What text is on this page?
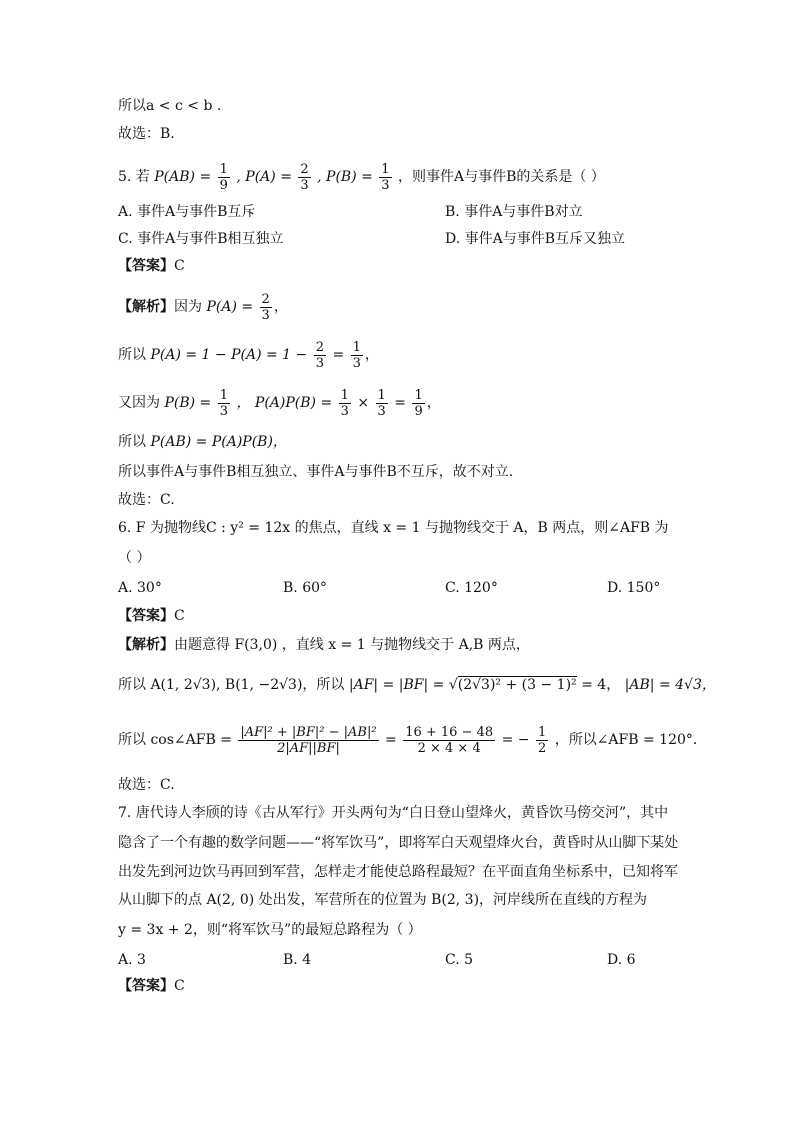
所以a < c < b .
故选：B.
5. 若 $P(AB) = \frac{1}{9}$ , $P(A) = \frac{2}{3}$ , $P(B) = \frac{1}{3}$ ，则事件A与事件B的关系是（ ）
A. 事件A与事件B互斥	B. 事件A与事件B对立
C. 事件A与事件B相互独立	D. 事件A与事件B互斥又独立
【答案】C
【解析】因为 $P(A) = \frac{2}{3}$ ，
所以 $P(A) = 1 - P(A) = 1 - \frac{2}{3} = \frac{1}{3}$ ，
又因为 $P(B) = \frac{1}{3}$ ， $P(A)P(B) = \frac{1}{3} \times \frac{1}{3} = \frac{1}{9}$ ，
所以 P(AB) = P(A)P(B)，
所以事件A与事件B相互独立、事件A与事件B不互斥，故不对立.
故选：C.
6. F 为抛物线C : y² = 12x 的焦点，直线 x = 1 与抛物线交于 A，B 两点，则∠AFB 为
（ ）
A. 30°	B. 60°	C. 120°	D. 150°
【答案】C
【解析】由题意得 F(3,0) ，直线 x = 1 与抛物线交于 A,B 两点，
所以 A(1, 2√3), B(1, −2√3)，所以 |AF| = |BF| = √(2√3)² + (3 − 1)² = 4， |AB| = 4√3，
所以 cos∠AFB = $\frac{\text{|AF|² + |BF|² − |AB|²}}{2|AF||BF|} = \frac{16 + 16 - 48}{2 \times 4 \times 4}$ = − $\frac{1}{2}$ ，所以∠AFB = 120°.
故选：C.
7. 唐代诗人李颀的诗《古从军行》开头两句为“白日登山望烽火，黄昏饮马傍交河”，其中
隐含了一个有趣的数学问题——“将军饮马”，即将军白天观望烽火台，黄昏时从山脚下某处
出发先到河边饮马再回到军营，怎样走才能使总路程最短？在平面直角坐标系中，已知将军
从山脚下的点 A(2, 0) 处出发，军营所在的位置为 B(2, 3)，河岸线所在直线的方程为
y = 3x + 2，则“将军饮马”的最短总路程为（ ）
A. 3	B. 4	C. 5	D. 6
【答案】C
